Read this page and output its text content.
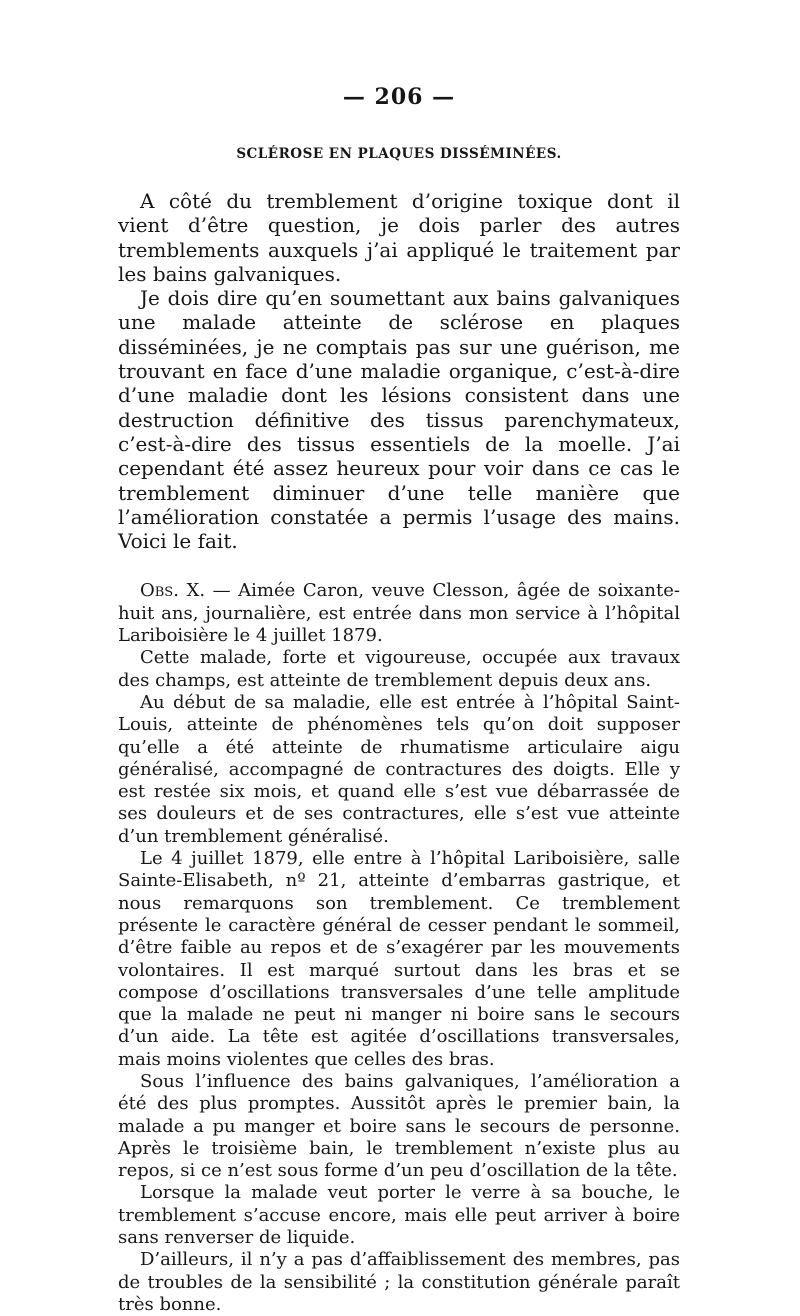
— 206 —
SCLÉROSE EN PLAQUES DISSÉMINÉES.

A côté du tremblement d’origine toxique dont il vient d’être question, je dois parler des autres tremblements auxquels j’ai appliqué le traitement par les bains galvaniques.

Je dois dire qu’en soumettant aux bains galvaniques une malade atteinte de sclérose en plaques disséminées, je ne comptais pas sur une guérison, me trouvant en face d’une maladie organique, c’est-à-dire d’une maladie dont les lésions consistent dans une destruction définitive des tissus parenchymateux, c’est-à-dire des tissus essentiels de la moelle. J’ai cependant été assez heureux pour voir dans ce cas le tremblement diminuer d’une telle manière que l’amélioration constatée a permis l’usage des mains. Voici le fait.

Obs. X. — Aimée Caron, veuve Clesson, âgée de soixante-huit ans, journalière, est entrée dans mon service à l’hôpital Lariboisière le 4 juillet 1879.

Cette malade, forte et vigoureuse, occupée aux travaux des champs, est atteinte de tremblement depuis deux ans.

Au début de sa maladie, elle est entrée à l’hôpital Saint-Louis, atteinte de phénomènes tels qu’on doit supposer qu’elle a été atteinte de rhumatisme articulaire aigu généralisé, accompagné de contractures des doigts. Elle y est restée six mois, et quand elle s’est vue débarrassée de ses douleurs et de ses contractures, elle s’est vue atteinte d’un tremblement généralisé.

Le 4 juillet 1879, elle entre à l’hôpital Lariboisière, salle Sainte-Elisabeth, nº 21, atteinte d’embarras gastrique, et nous remarquons son tremblement. Ce tremblement présente le caractère général de cesser pendant le sommeil, d’être faible au repos et de s’exagérer par les mouvements volontaires. Il est marqué surtout dans les bras et se compose d’oscillations transversales d’une telle amplitude que la malade ne peut ni manger ni boire sans le secours d’un aide. La tête est agitée d’oscillations transversales, mais moins violentes que celles des bras.

Sous l’influence des bains galvaniques, l’amélioration a été des plus promptes. Aussitôt après le premier bain, la malade a pu manger et boire sans le secours de personne. Après le troisième bain, le tremblement n’existe plus au repos, si ce n’est sous forme d’un peu d’oscillation de la tête.

Lorsque la malade veut porter le verre à sa bouche, le tremblement s’accuse encore, mais elle peut arriver à boire sans renverser de liquide.

D’ailleurs, il n’y a pas d’affaiblissement des membres, pas de troubles de la sensibilité ; la constitution générale paraît très bonne.
